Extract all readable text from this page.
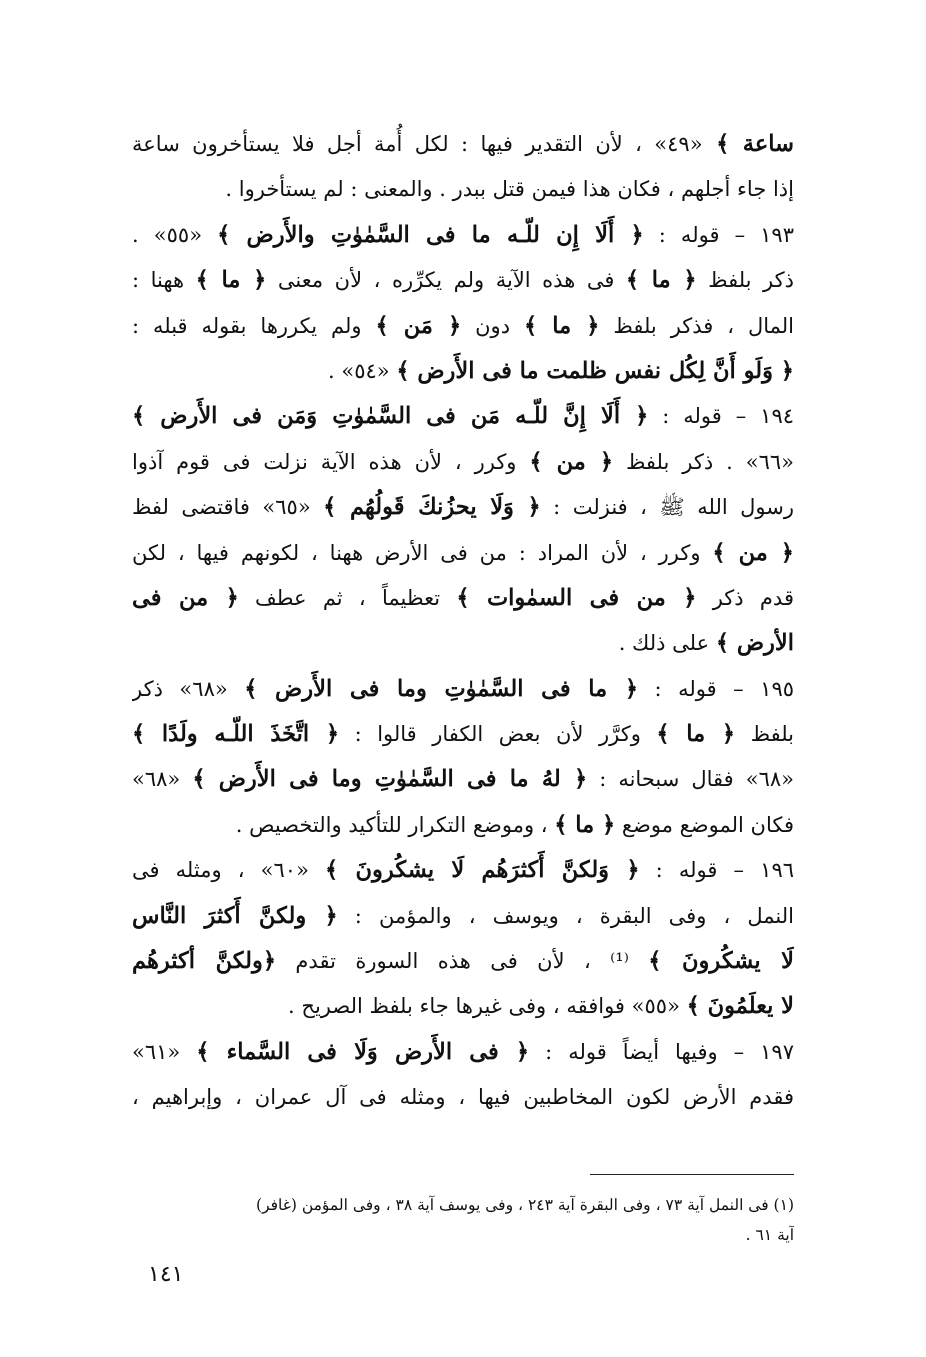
ساعة ﴾ «٤٩» ، لأن التقدير فيها : لكل أُمة أجل فلا يستأخرون ساعة
إذا جاء أجلهم ، فكان هذا فيمن قتل ببدر . والمعنى : لم يستأخروا .
١٩٣ – قوله : ﴿ أَلَا إِن للّـه ما فى السَّمٰوٰتِ والأَرض ﴾ «٥٥» .
ذكر بلفظ ﴿ ما ﴾ فى هذه الآية ولم يكرِّره ، لأن معنى ﴿ ما ﴾ ههنا :
المال ، فذكر بلفظ ﴿ ما ﴾ دون ﴿ مَن ﴾ ولم يكررها بقوله قبله :
﴿ وَلَو أَنَّ لِكُل نفس ظلمت ما فى الأَرض ﴾ «٥٤» .
١٩٤ – قوله : ﴿ أَلَا إِنَّ للّـه مَن فى السَّمٰوٰتِ وَمَن فى الأَرض ﴾
«٦٦» . ذكر بلفظ ﴿ من ﴾ وكرر ، لأن هذه الآية نزلت فى قوم آذوا
رسول الله ﷺ ، فنزلت : ﴿ وَلَا يحزُنكَ قَولُهُم ﴾ «٦٥» فاقتضى لفظ
﴿ من ﴾ وكرر ، لأن المراد : من فى الأرض ههنا ، لكونهم فيها ، لكن
قدم ذكر ﴿ من فى السمٰوات ﴾ تعظيماً ، ثم عطف ﴿ من فى
الأرض ﴾ على ذلك .
١٩٥ – قوله : ﴿ ما فى السَّمٰوٰتِ وما فى الأَرض ﴾ «٦٨» ذكر
بلفظ ﴿ ما ﴾ وكرَّر لأن بعض الكفار قالوا : ﴿ اتَّخَذَ اللّـه ولَدًا ﴾
«٦٨» فقال سبحانه : ﴿ لهُ ما فى السَّمٰوٰتِ وما فى الأَرض ﴾ «٦٨»
فكان الموضع موضع ﴿ ما ﴾ ، وموضع التكرار للتأكيد والتخصيص .
١٩٦ – قوله : ﴿ وَلكنَّ أَكثرَهُم لَا يشكُرونَ ﴾ «٦٠» ، ومثله فى
النمل ، وفى البقرة ، ويوسف ، والمؤمن : ﴿ ولكنَّ أَكثرَ النَّاس
لَا يشكُرونَ ﴾ ⁽¹⁾ ، لأن فى هذه السورة تقدم ﴿ولكنَّ أكثرهُم
لا يعلَمُونَ ﴾ «٥٥» فوافقه ، وفى غيرها جاء بلفظ الصريح .
١٩٧ – وفيها أيضاً قوله : ﴿ فى الأَرض وَلَا فى السَّماء ﴾ «٦١»
فقدم الأرض لكون المخاطبين فيها ، ومثله فى آل عمران ، وإبراهيم ،
(١) فى النمل آية ٧٣ ، وفى البقرة آية ٢٤٣ ، وفى يوسف آية ٣٨ ، وفى المؤمن (غافر)
آية ٦١ .
١٤١
